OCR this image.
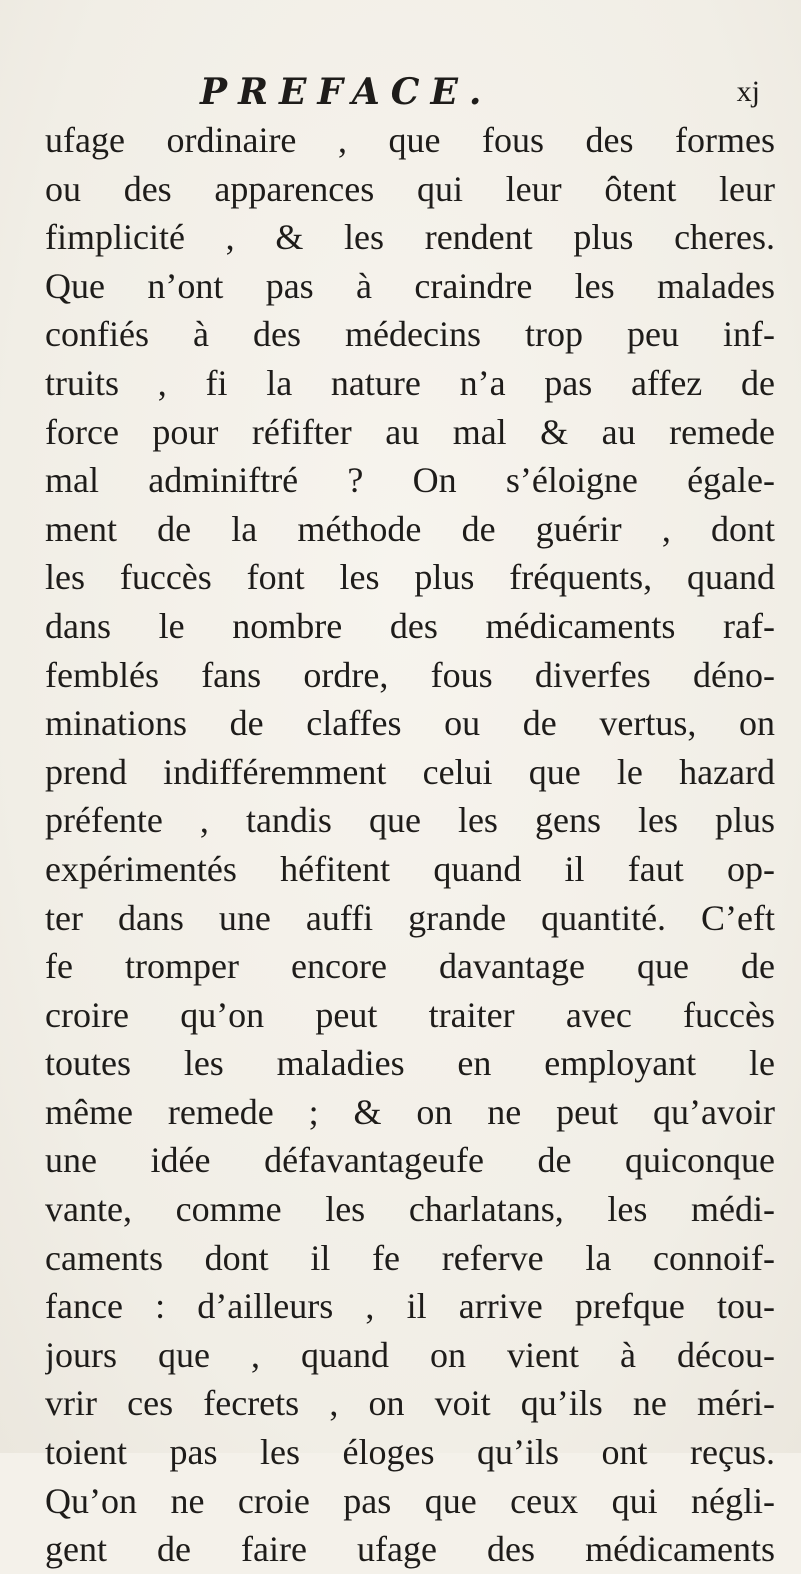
PREFACE.	xj
ufage ordinaire , que fous des formes
ou des apparences qui leur ôtent leur
fimplicité , & les rendent plus cheres.
Que n’ont pas à craindre les malades
confiés à des médecins trop peu inf-
truits , fi la nature n’a pas affez de
force pour réfifter au mal & au remede
mal adminiftré ? On s’éloigne égale-
ment de la méthode de guérir , dont
les fuccès font les plus fréquents, quand
dans le nombre des médicaments raf-
femblés fans ordre, fous diverfes déno-
minations de claffes ou de vertus, on
prend indifféremment celui que le hazard
préfente , tandis que les gens les plus
expérimentés héfitent quand il faut op-
ter dans une auffi grande quantité. C’eft
fe tromper encore davantage que de
croire qu’on peut traiter avec fuccès
toutes les maladies en employant le
même remede ; & on ne peut qu’avoir
une idée défavantageufe de quiconque
vante, comme les charlatans, les médi-
caments dont il fe referve la connoif-
fance : d’ailleurs , il arrive prefque tou-
jours que , quand on vient à décou-
vrir ces fecrets , on voit qu’ils ne méri-
toient pas les éloges qu’ils ont reçus.
Qu’on ne croie pas que ceux qui négli-
gent de faire ufage des médicaments
